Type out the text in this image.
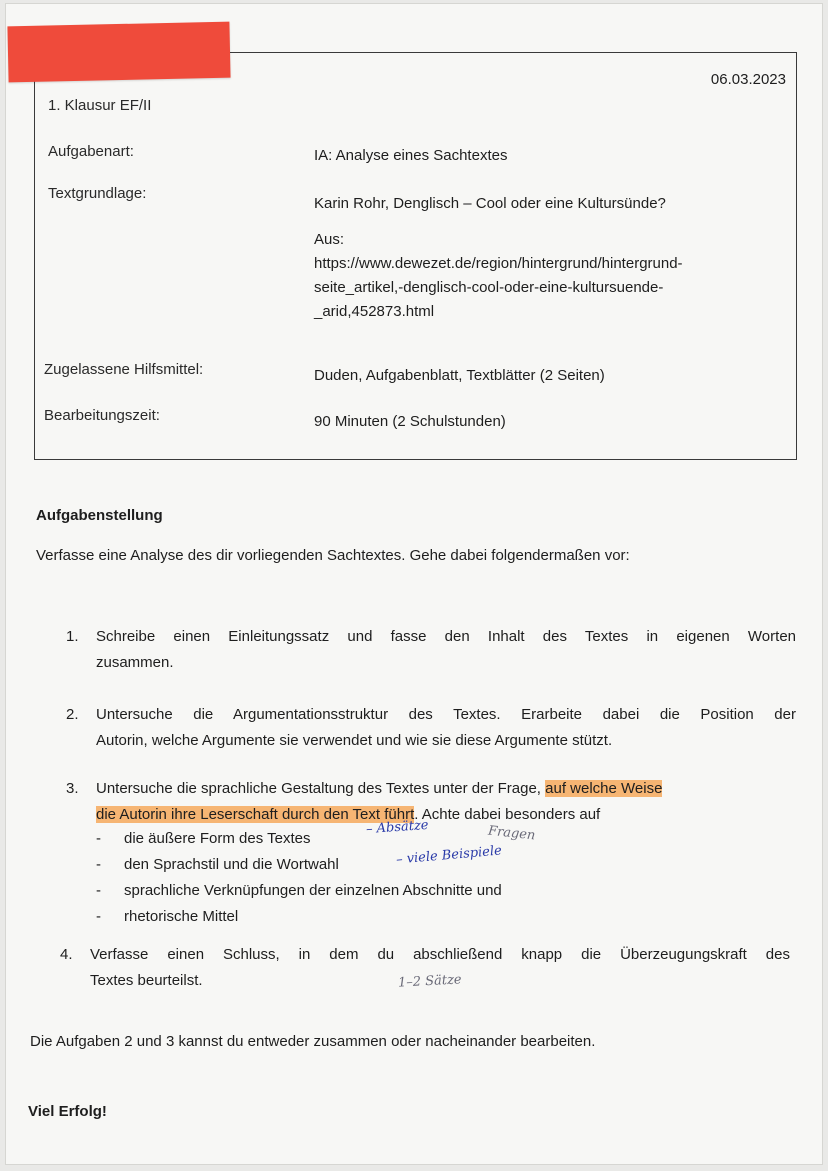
06.03.2023
1. Klausur EF/II
Aufgabenart:	IA: Analyse eines Sachtextes
Textgrundlage:
Karin Rohr, Denglisch – Cool oder eine Kultursünde?
Aus:
https://www.dewezet.de/region/hintergrund/hintergrund-
seite_artikel,-denglisch-cool-oder-eine-kultursuende-
_arid,452873.html
Zugelassene Hilfsmittel:	Duden, Aufgabenblatt, Textblätter (2 Seiten)
Bearbeitungszeit:	90 Minuten (2 Schulstunden)
Aufgabenstellung
Verfasse eine Analyse des dir vorliegenden Sachtextes. Gehe dabei folgendermaßen vor:
1. Schreibe einen Einleitungssatz und fasse den Inhalt des Textes in eigenen Worten
zusammen.
2. Untersuche die Argumentationsstruktur des Textes. Erarbeite dabei die Position der
Autorin, welche Argumente sie verwendet und wie sie diese Argumente stützt.
3. Untersuche die sprachliche Gestaltung des Textes unter der Frage, auf welche Weise
die Autorin ihre Leserschaft durch den Text führt. Achte dabei besonders auf
- die äußere Form des Textes
- den Sprachstil und die Wortwahl
- sprachliche Verknüpfungen der einzelnen Abschnitte und
- rhetorische Mittel
– Absätze	Fragen
– viele Beispiele
4. Verfasse einen Schluss, in dem du abschließend knapp die Überzeugungskraft des
Textes beurteilst.	1–2 Sätze
Die Aufgaben 2 und 3 kannst du entweder zusammen oder nacheinander bearbeiten.
Viel Erfolg!
